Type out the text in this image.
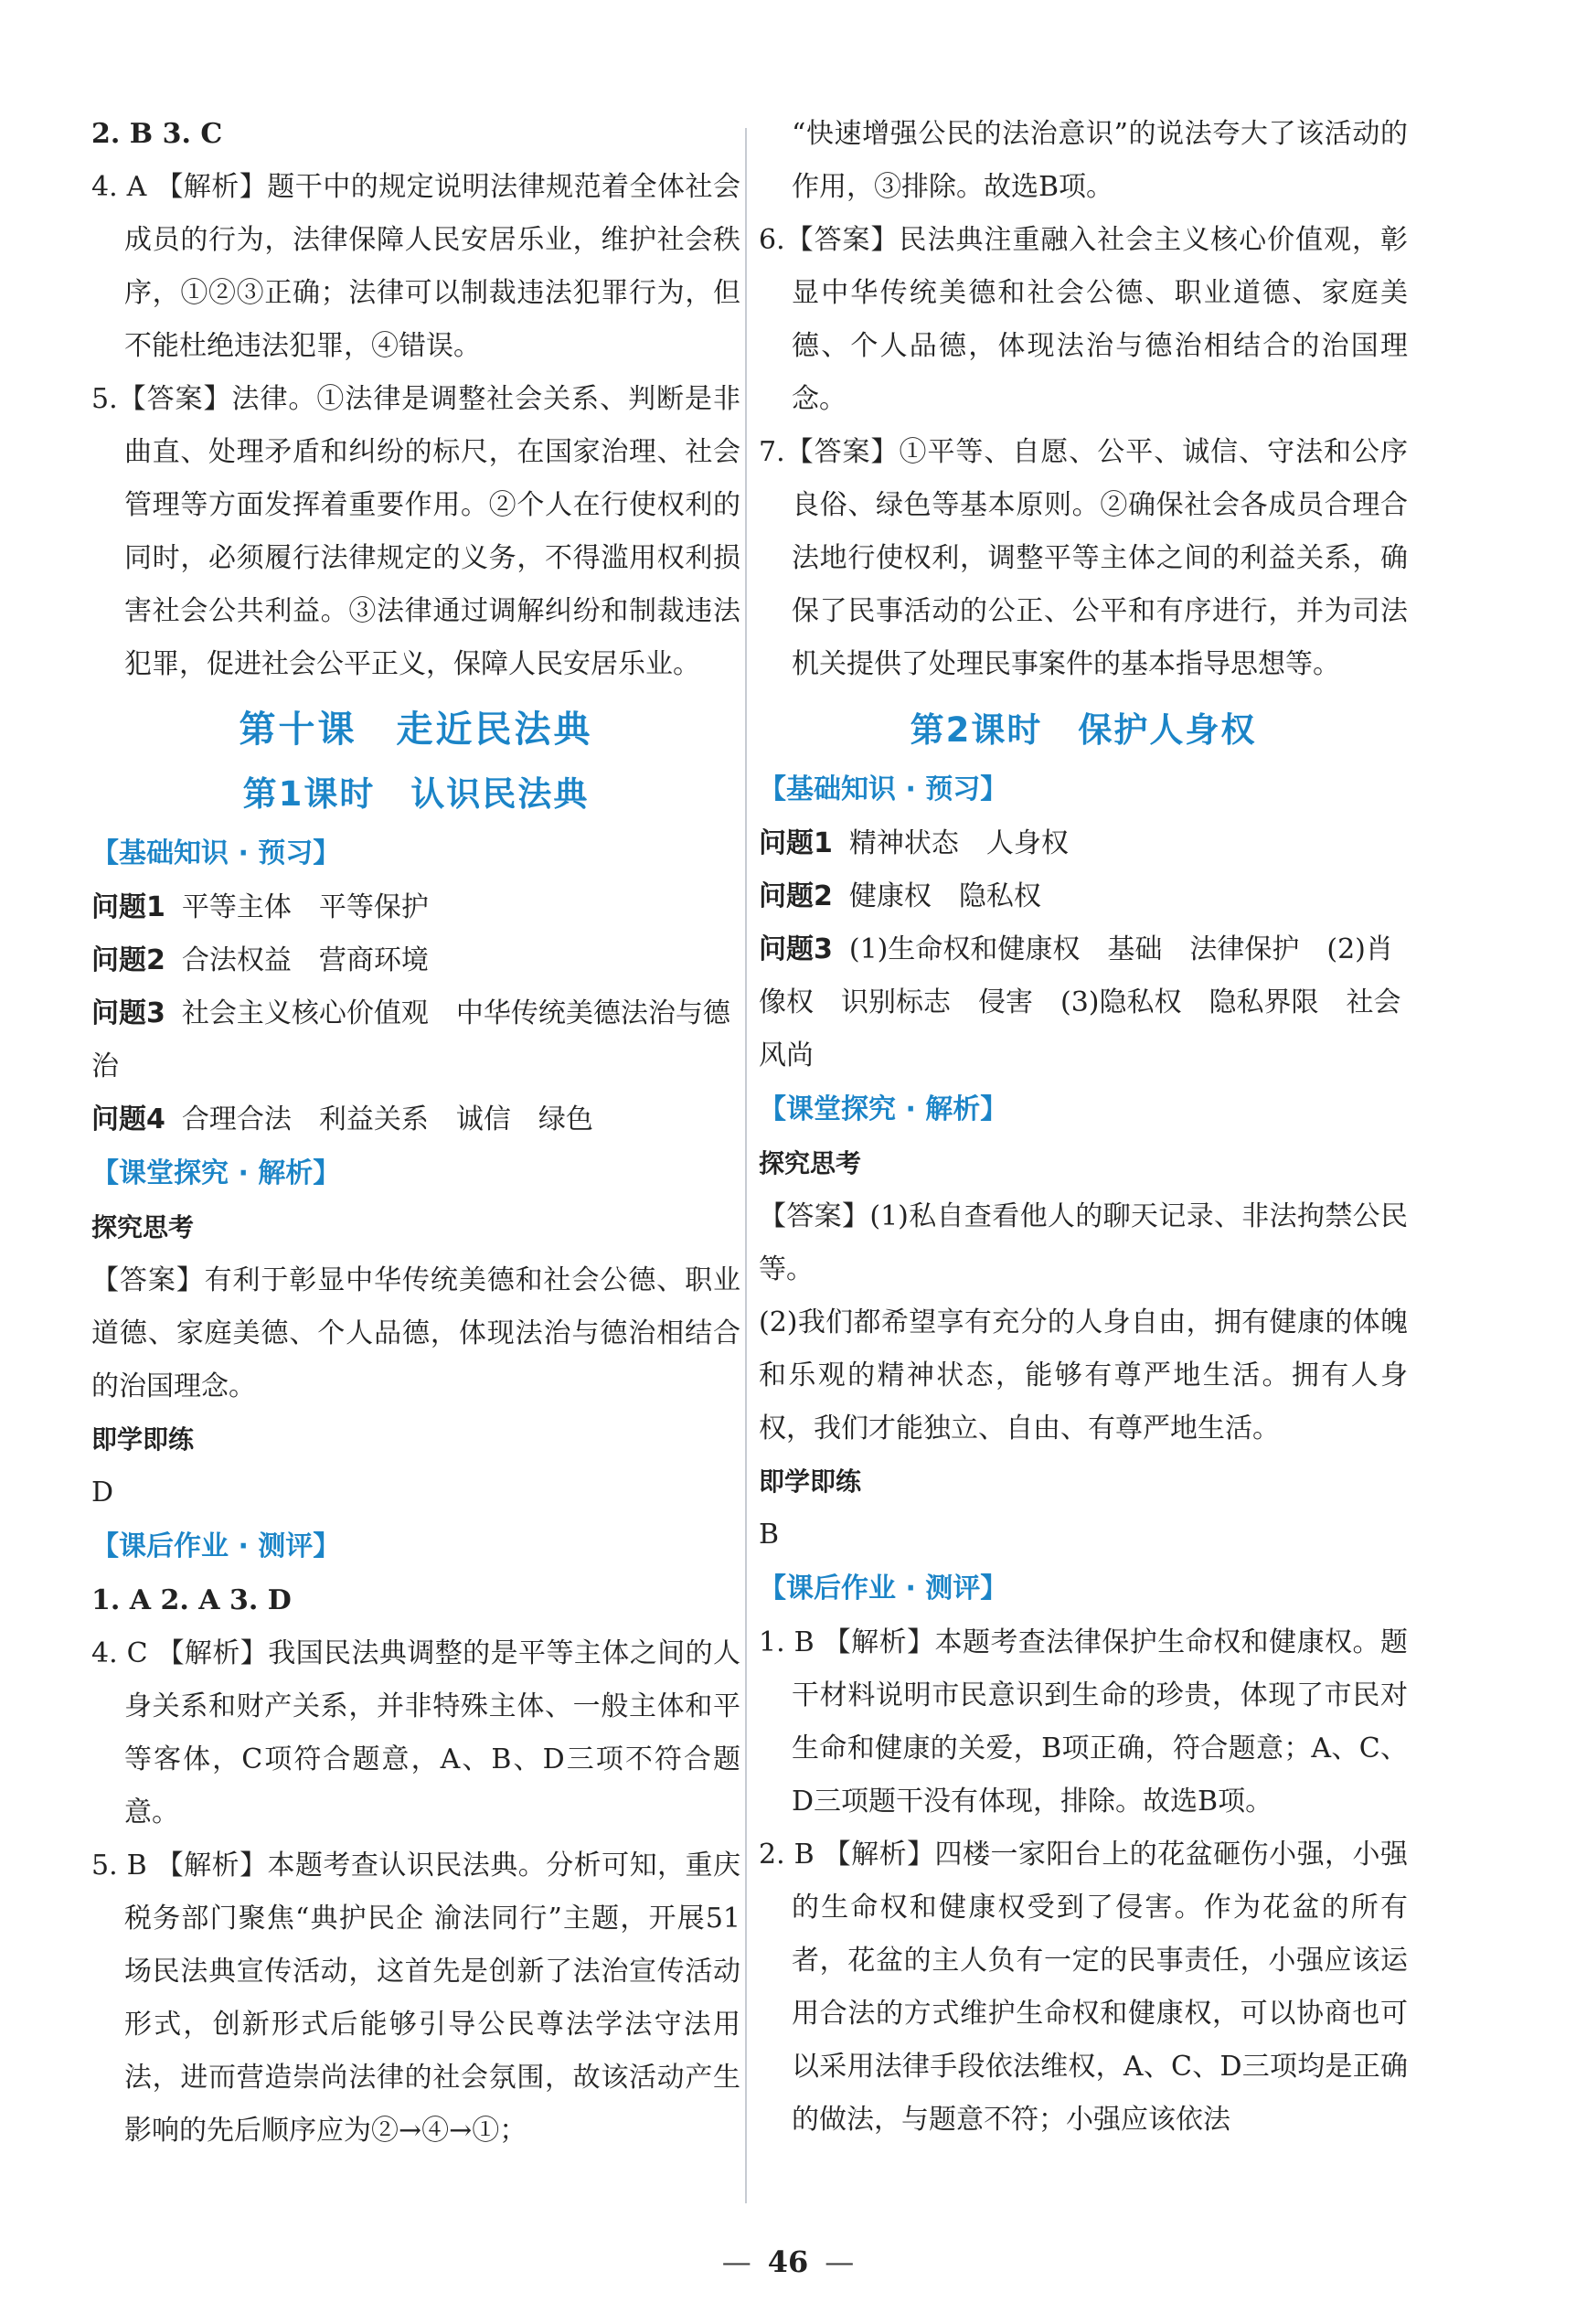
2. B 3. C

4. A 【解析】题干中的规定说明法律规范着全体社会成员的行为，法律保障人民安居乐业，维护社会秩序，①②③正确；法律可以制裁违法犯罪行为，但不能杜绝违法犯罪，④错误。

5.【答案】法律。①法律是调整社会关系、判断是非曲直、处理矛盾和纠纷的标尺，在国家治理、社会管理等方面发挥着重要作用。②个人在行使权利的同时，必须履行法律规定的义务，不得滥用权利损害社会公共利益。③法律通过调解纠纷和制裁违法犯罪，促进社会公平正义，保障人民安居乐业。

第十课　走近民法典

第1课时　认识民法典

【基础知识 · 预习】

问题1 平等主体　平等保护

问题2 合法权益　营商环境

问题3 社会主义核心价值观　中华传统美德法治与德治

问题4 合理合法　利益关系　诚信　绿色

【课堂探究 · 解析】

探究思考

【答案】有利于彰显中华传统美德和社会公德、职业道德、家庭美德、个人品德，体现法治与德治相结合的治国理念。

即学即练

D

【课后作业 · 测评】

1. A 2. A 3. D

4. C 【解析】我国民法典调整的是平等主体之间的人身关系和财产关系，并非特殊主体、一般主体和平等客体，C项符合题意，A、B、D三项不符合题意。

5. B 【解析】本题考查认识民法典。分析可知，重庆税务部门聚焦“典护民企 渝法同行”主题，开展51场民法典宣传活动，这首先是创新了法治宣传活动形式，创新形式后能够引导公民尊法学法守法用法，进而营造崇尚法律的社会氛围，故该活动产生影响的先后顺序应为②→④→①；

“快速增强公民的法治意识”的说法夸大了该活动的作用，③排除。故选B项。

6.【答案】民法典注重融入社会主义核心价值观，彰显中华传统美德和社会公德、职业道德、家庭美德、个人品德，体现法治与德治相结合的治国理念。

7.【答案】①平等、自愿、公平、诚信、守法和公序良俗、绿色等基本原则。②确保社会各成员合理合法地行使权利，调整平等主体之间的利益关系，确保了民事活动的公正、公平和有序进行，并为司法机关提供了处理民事案件的基本指导思想等。

第2课时　保护人身权

【基础知识 · 预习】

问题1 精神状态　人身权

问题2 健康权　隐私权

问题3 (1)生命权和健康权　基础　法律保护　(2)肖像权　识别标志　侵害　(3)隐私权　隐私界限　社会风尚

【课堂探究 · 解析】

探究思考

【答案】(1)私自查看他人的聊天记录、非法拘禁公民等。

(2)我们都希望享有充分的人身自由，拥有健康的体魄和乐观的精神状态，能够有尊严地生活。拥有人身权，我们才能独立、自由、有尊严地生活。

即学即练

B

【课后作业 · 测评】

1. B 【解析】本题考查法律保护生命权和健康权。题干材料说明市民意识到生命的珍贵，体现了市民对生命和健康的关爱，B项正确，符合题意；A、C、D三项题干没有体现，排除。故选B项。

2. B 【解析】四楼一家阳台上的花盆砸伤小强，小强的生命权和健康权受到了侵害。作为花盆的所有者，花盆的主人负有一定的民事责任，小强应该运用合法的方式维护生命权和健康权，可以协商也可以采用法律手段依法维权，A、C、D三项均是正确的做法，与题意不符；小强应该依法

— 46 —
